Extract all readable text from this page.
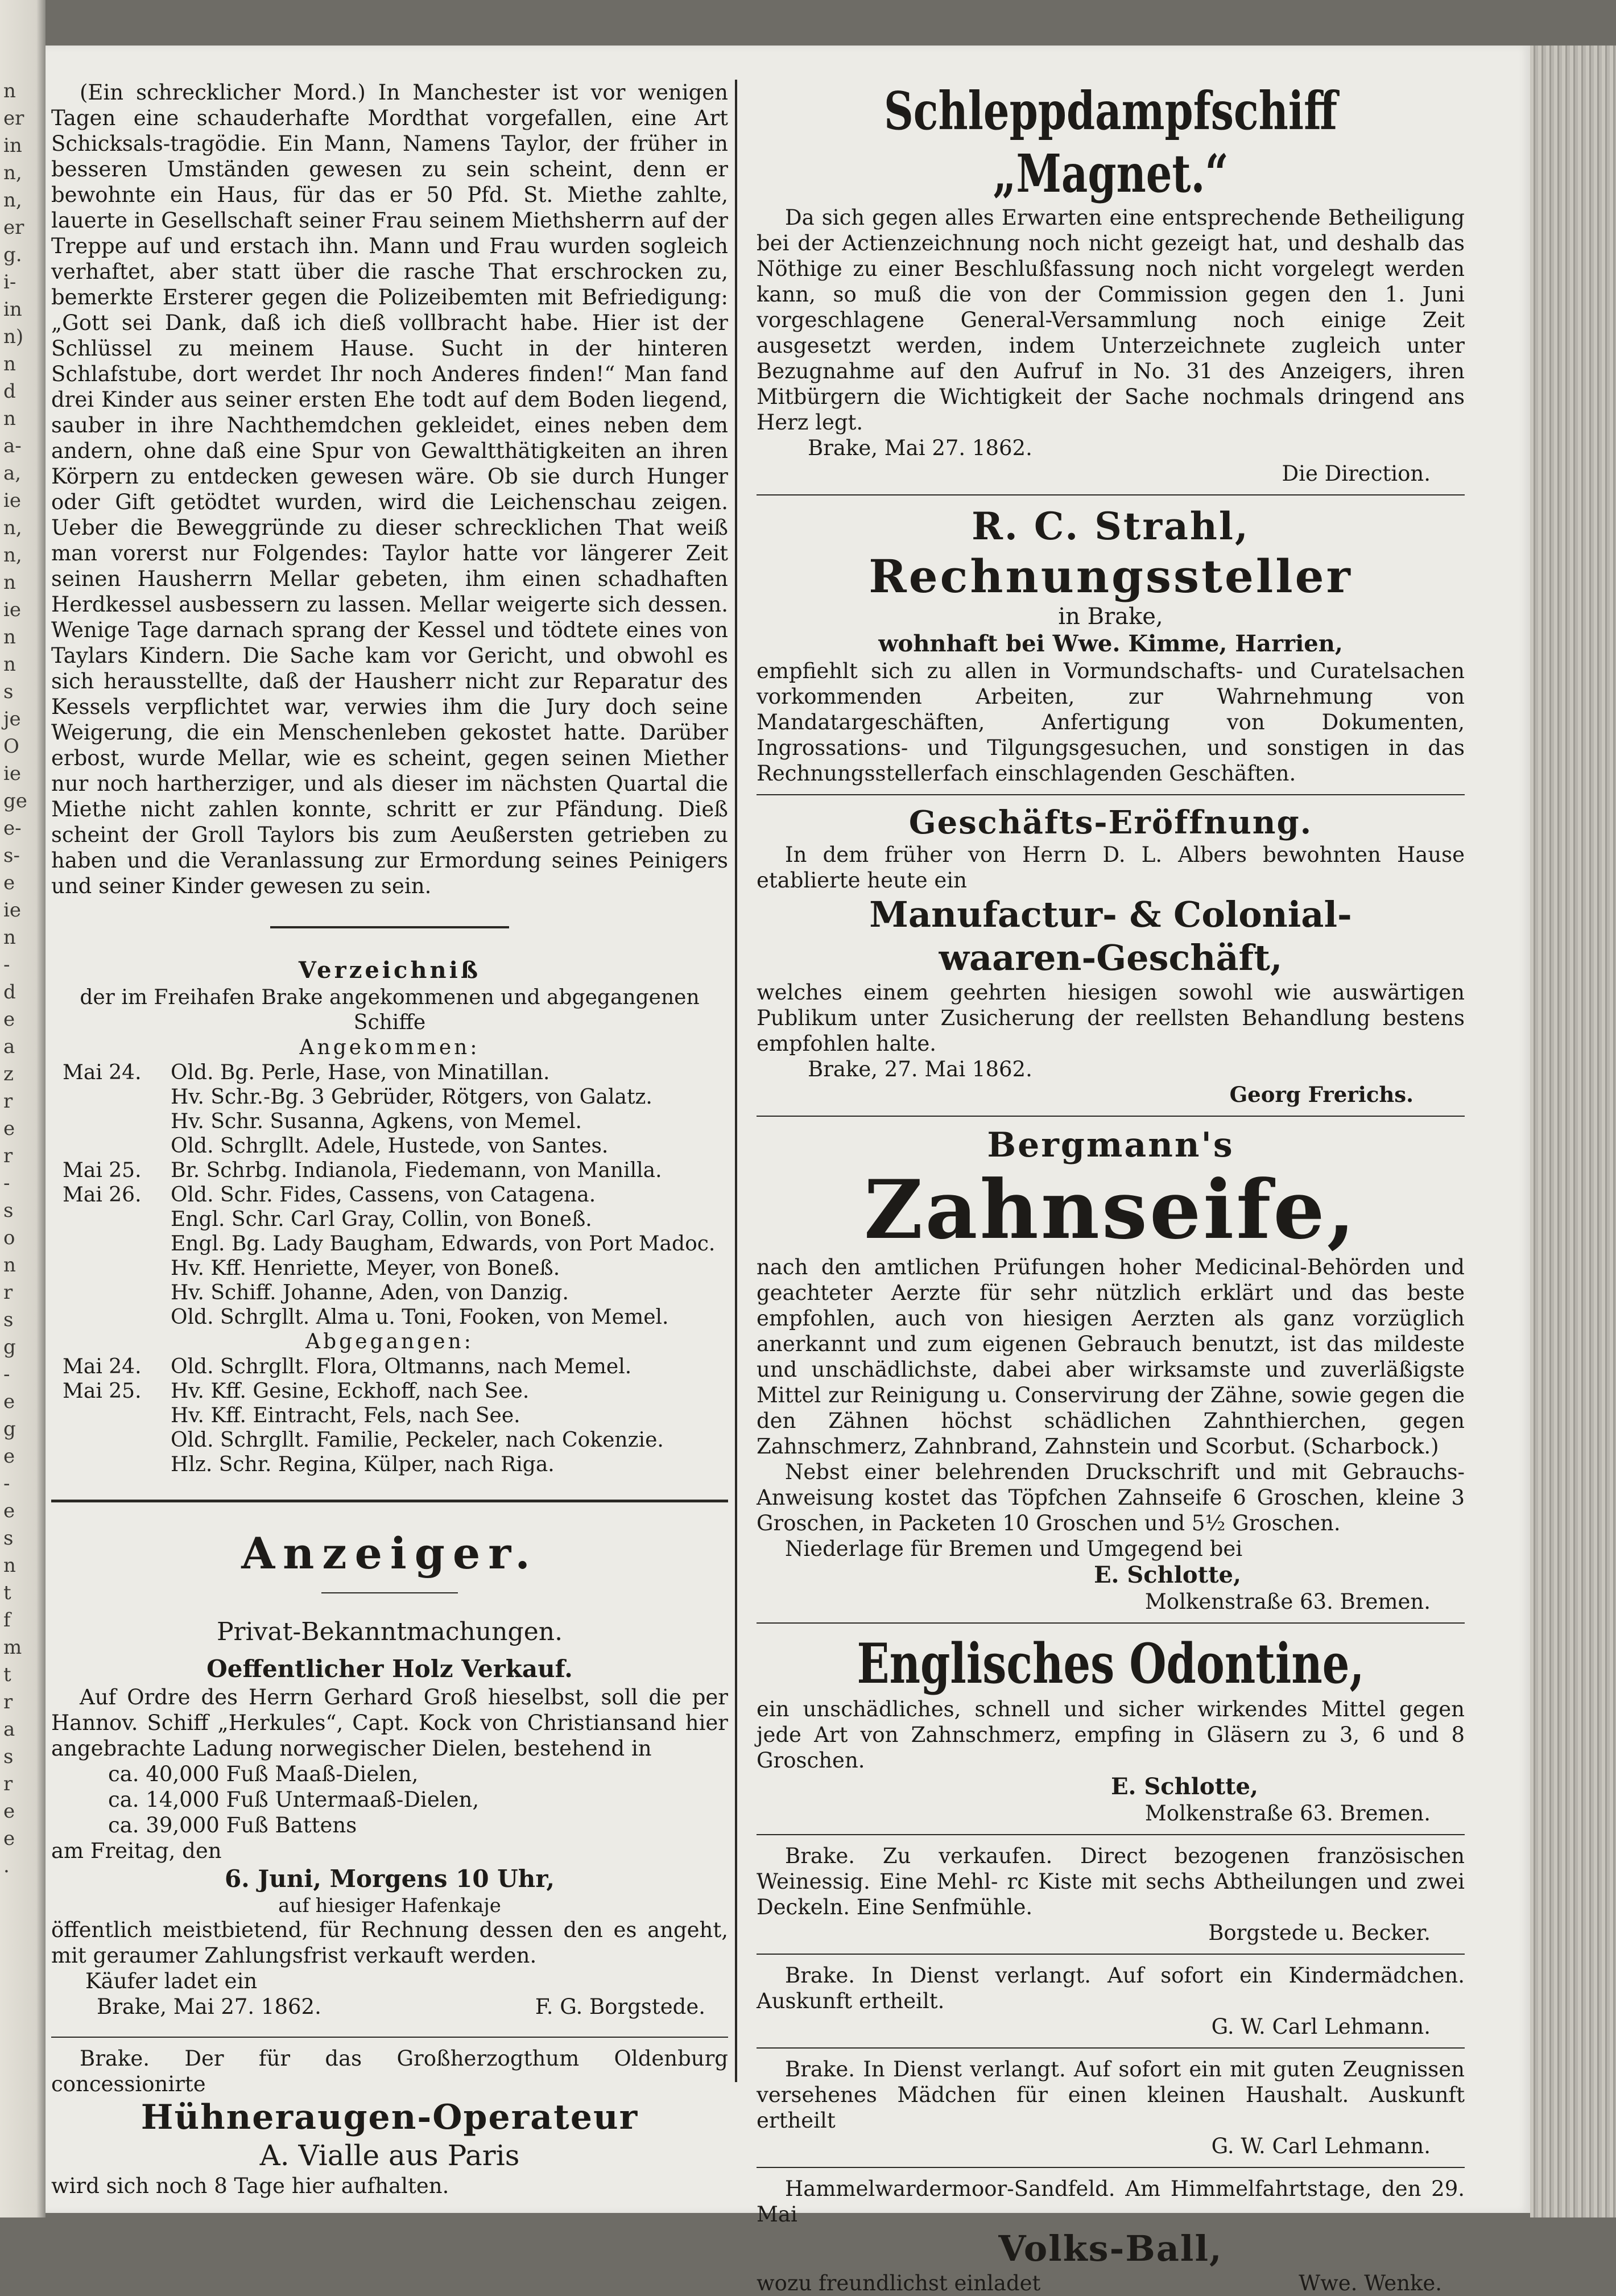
n
er
in
n,
n,
er
g.
i-
in
n)
n
d
n
a-
a,
ie
n,
n,
n
ie
n
n
s
je
O
ie
ge
e-
s-
e
ie
n
-
d
e
a
z
r
e
r
-
s
o
n
r
s
g
-
e
g
e
-
e
s
n
t
f
m
t
r
a
s
r
e
e
.

(Ein schrecklicher Mord.) In Manchester ist vor wenigen Tagen eine schauderhafte Mordthat vorgefallen, eine Art Schicksals-tragödie. Ein Mann, Namens Taylor, der früher in besseren Umständen gewesen zu sein scheint, denn er bewohnte ein Haus, für das er 50 Pfd. St. Miethe zahlte, lauerte in Gesellschaft seiner Frau seinem Miethsherrn auf der Treppe auf und erstach ihn. Mann und Frau wurden sogleich verhaftet, aber statt über die rasche That erschrocken zu, bemerkte Ersterer gegen die Polizeibemten mit Befriedigung: „Gott sei Dank, daß ich dieß vollbracht habe. Hier ist der Schlüssel zu meinem Hause. Sucht in der hinteren Schlafstube, dort werdet Ihr noch Anderes finden!“ Man fand drei Kinder aus seiner ersten Ehe todt auf dem Boden liegend, sauber in ihre Nachthemdchen gekleidet, eines neben dem andern, ohne daß eine Spur von Gewaltthätigkeiten an ihren Körpern zu entdecken gewesen wäre. Ob sie durch Hunger oder Gift getödtet wurden, wird die Leichenschau zeigen. Ueber die Beweggründe zu dieser schrecklichen That weiß man vorerst nur Folgendes: Taylor hatte vor längerer Zeit seinen Hausherrn Mellar gebeten, ihm einen schadhaften Herdkessel ausbessern zu lassen. Mellar weigerte sich dessen. Wenige Tage darnach sprang der Kessel und tödtete eines von Taylars Kindern. Die Sache kam vor Gericht, und obwohl es sich herausstellte, daß der Hausherr nicht zur Reparatur des Kessels verpflichtet war, verwies ihm die Jury doch seine Weigerung, die ein Menschenleben gekostet hatte. Darüber erbost, wurde Mellar, wie es scheint, gegen seinen Miether nur noch hartherziger, und als dieser im nächsten Quartal die Miethe nicht zahlen konnte, schritt er zur Pfändung. Dieß scheint der Groll Taylors bis zum Aeußersten getrieben zu haben und die Veranlassung zur Ermordung seines Peinigers und seiner Kinder gewesen zu sein.

Verzeichniß

der im Freihafen Brake angekommenen und abgegangenen Schiffe

Angekommen:

Mai 24.	Old. Bg. Perle, Hase, von Minatillan.
Hv. Schr.-Bg. 3 Gebrüder, Rötgers, von Galatz.
Hv. Schr. Susanna, Agkens, von Memel.
Old. Schrgllt. Adele, Hustede, von Santes.
Mai 25.	Br. Schrbg. Indianola, Fiedemann, von Manilla.
Mai 26.	Old. Schr. Fides, Cassens, von Catagena.
Engl. Schr. Carl Gray, Collin, von Boneß.
Engl. Bg. Lady Baugham, Edwards, von Port Madoc.
Hv. Kff. Henriette, Meyer, von Boneß.
Hv. Schiff. Johanne, Aden, von Danzig.
Old. Schrgllt. Alma u. Toni, Fooken, von Memel.

Abgegangen:

Mai 24.	Old. Schrgllt. Flora, Oltmanns, nach Memel.
Mai 25.	Hv. Kff. Gesine, Eckhoff, nach See.
Hv. Kff. Eintracht, Fels, nach See.
Old. Schrgllt. Familie, Peckeler, nach Cokenzie.
Hlz. Schr. Regina, Külper, nach Riga.

Anzeiger.

Privat-Bekanntmachungen.

Oeffentlicher Holz Verkauf.

Auf Ordre des Herrn Gerhard Groß hieselbst, soll die per Hannov. Schiff „Herkules“, Capt. Kock von Christiansand hier angebrachte Ladung norwegischer Dielen, bestehend in

ca. 40,000 Fuß Maaß-Dielen,

ca. 14,000 Fuß Untermaaß-Dielen,

ca. 39,000 Fuß Battens

am Freitag, den

6. Juni, Morgens 10 Uhr,

auf hiesiger Hafenkaje

öffentlich meistbietend, für Rechnung dessen den es angeht, mit geraumer Zahlungsfrist verkauft werden.

Käufer ladet ein

Brake, Mai 27. 1862.	F. G. Borgstede.

Brake. Der für das Großherzogthum Oldenburg concessionirte

Hühneraugen-Operateur

A. Vialle aus Paris

wird sich noch 8 Tage hier aufhalten.

Schleppdampfschiff „Magnet.“

Da sich gegen alles Erwarten eine entsprechende Betheiligung bei der Actienzeichnung noch nicht gezeigt hat, und deshalb das Nöthige zu einer Beschlußfassung noch nicht vorgelegt werden kann, so muß die von der Commission gegen den 1. Juni vorgeschlagene General-Versammlung noch einige Zeit ausgesetzt werden, indem Unterzeichnete zugleich unter Bezugnahme auf den Aufruf in No. 31 des Anzeigers, ihren Mitbürgern die Wichtigkeit der Sache nochmals dringend ans Herz legt.

Brake, Mai 27. 1862.

Die Direction.

R. C. Strahl,

Rechnungssteller

in Brake,

wohnhaft bei Wwe. Kimme, Harrien,

empfiehlt sich zu allen in Vormundschafts- und Curatelsachen vorkommenden Arbeiten, zur Wahrnehmung von Mandatargeschäften, Anfertigung von Dokumenten, Ingrossations- und Tilgungsgesuchen, und sonstigen in das Rechnungsstellerfach einschlagenden Geschäften.

Geschäfts-Eröffnung.

In dem früher von Herrn D. L. Albers bewohnten Hause etablierte heute ein

Manufactur- & Colonial-

waaren-Geschäft,

welches einem geehrten hiesigen sowohl wie auswärtigen Publikum unter Zusicherung der reellsten Behandlung bestens empfohlen halte.

Brake, 27. Mai 1862.

Georg Frerichs.

Bergmann's

Zahnseife,

nach den amtlichen Prüfungen hoher Medicinal-Behörden und geachteter Aerzte für sehr nützlich erklärt und das beste empfohlen, auch von hiesigen Aerzten als ganz vorzüglich anerkannt und zum eigenen Gebrauch benutzt, ist das mildeste und unschädlichste, dabei aber wirksamste und zuverläßigste Mittel zur Reinigung u. Conservirung der Zähne, sowie gegen die den Zähnen höchst schädlichen Zahnthierchen, gegen Zahnschmerz, Zahnbrand, Zahnstein und Scorbut. (Scharbock.)

Nebst einer belehrenden Druckschrift und mit Gebrauchs-Anweisung kostet das Töpfchen Zahnseife 6 Groschen, kleine 3 Groschen, in Packeten 10 Groschen und 5½ Groschen.

Niederlage für Bremen und Umgegend bei

E. Schlotte,

Molkenstraße 63. Bremen.

Englisches Odontine,

ein unschädliches, schnell und sicher wirkendes Mittel gegen jede Art von Zahnschmerz, empfing in Gläsern zu 3, 6 und 8 Groschen.

E. Schlotte,

Molkenstraße 63. Bremen.

Brake. Zu verkaufen. Direct bezogenen französischen Weinessig. Eine Mehl- rc Kiste mit sechs Abtheilungen und zwei Deckeln. Eine Senfmühle.

Borgstede u. Becker.

Brake. In Dienst verlangt. Auf sofort ein Kindermädchen. Auskunft ertheilt.

G. W. Carl Lehmann.

Brake. In Dienst verlangt. Auf sofort ein mit guten Zeugnissen versehenes Mädchen für einen kleinen Haushalt. Auskunft ertheilt

G. W. Carl Lehmann.

Hammelwardermoor-Sandfeld. Am Himmelfahrtstage, den 29. Mai

Volks-Ball,

wozu freundlichst einladet	Wwe. Wenke.
